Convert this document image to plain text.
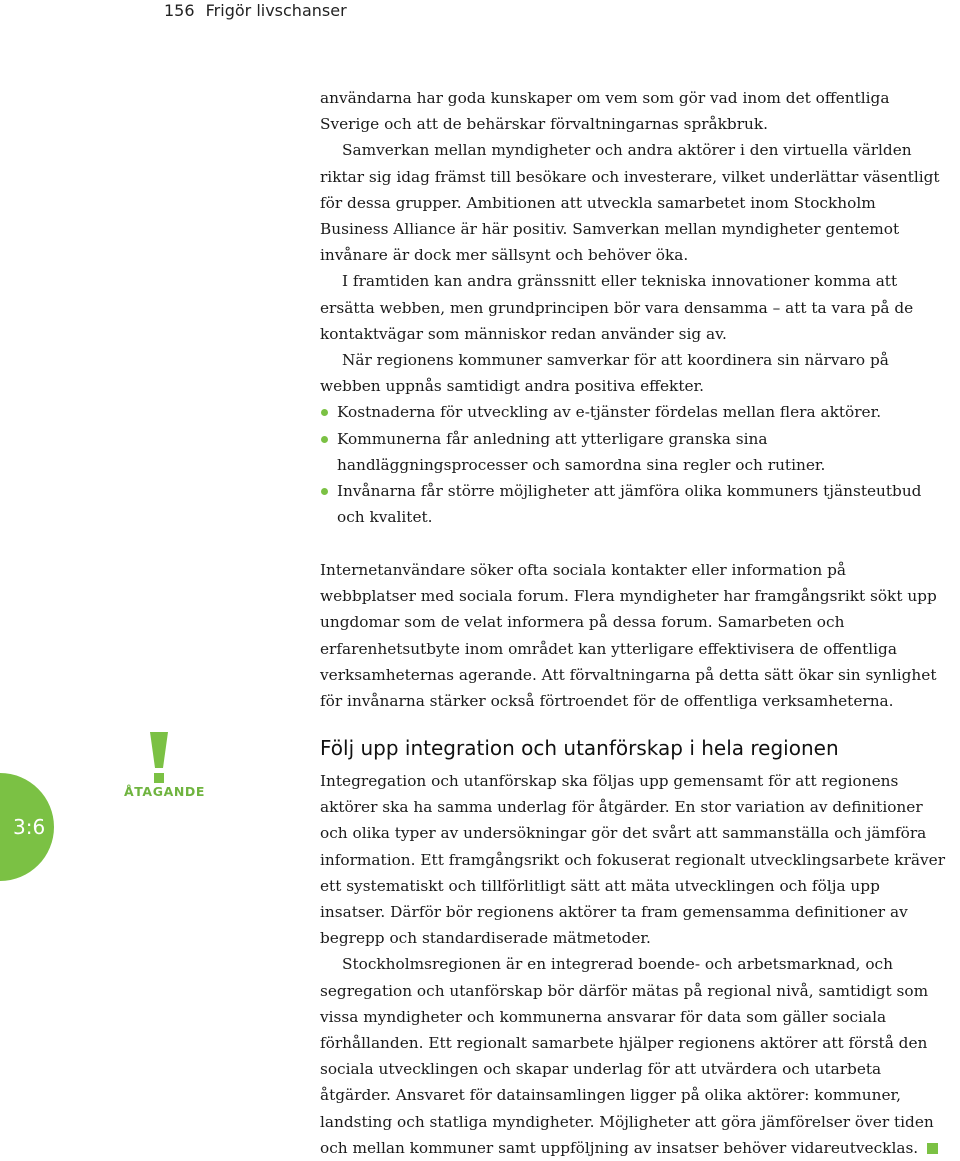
156 Frigör livschanser

användarna har goda kunskaper om vem som gör vad inom det offentliga Sverige och att de behärskar förvaltningarnas språkbruk.

Samverkan mellan myndigheter och andra aktörer i den virtuella världen riktar sig idag främst till besökare och investerare, vilket underlättar väsentligt för dessa grupper. Ambitionen att utveckla samarbetet inom Stockholm Business Alliance är här positiv. Samverkan mellan myndigheter gentemot invånare är dock mer sällsynt och behöver öka.

I framtiden kan andra gränssnitt eller tekniska innovationer komma att ersätta webben, men grundprincipen bör vara densamma – att ta vara på de kontaktvägar som människor redan använder sig av.

När regionens kommuner samverkar för att koordinera sin närvaro på webben uppnås samtidigt andra positiva effekter.

Kostnaderna för utveckling av e-tjänster fördelas mellan flera aktörer.
Kommunerna får anledning att ytterligare granska sina handläggningsprocesser och samordna sina regler och rutiner.
Invånarna får större möjligheter att jämföra olika kommuners tjänsteutbud och kvalitet.

Internetanvändare söker ofta sociala kontakter eller information på webbplatser med sociala forum. Flera myndigheter har framgångsrikt sökt upp ungdomar som de velat informera på dessa forum. Samarbeten och erfarenhetsutbyte inom området kan ytterligare effektivisera de offentliga verksamheternas agerande. Att förvaltningarna på detta sätt ökar sin synlighet för invånarna stärker också förtroendet för de offentliga verksamheterna.

3:6
ÅTAGANDE
Följ upp integration och utanförskap i hela regionen

Integregation och utanförskap ska följas upp gemensamt för att regionens aktörer ska ha samma underlag för åtgärder. En stor variation av definitioner och olika typer av undersökningar gör det svårt att sammanställa och jämföra information. Ett framgångsrikt och fokuserat regionalt utvecklingsarbete kräver ett systematiskt och tillförlitligt sätt att mäta utvecklingen och följa upp insatser. Därför bör regionens aktörer ta fram gemensamma definitioner av begrepp och standardiserade mätmetoder.

Stockholmsregionen är en integrerad boende- och arbetsmarknad, och segregation och utanförskap bör därför mätas på regional nivå, samtidigt som vissa myndigheter och kommunerna ansvarar för data som gäller sociala förhållanden. Ett regionalt samarbete hjälper regionens aktörer att förstå den sociala utvecklingen och skapar underlag för att utvärdera och utarbeta åtgärder. Ansvaret för datainsamlingen ligger på olika aktörer: kommuner, landsting och statliga myndigheter. Möjligheter att göra jämförelser över tiden och mellan kommuner samt uppföljning av insatser behöver vidareutvecklas.
